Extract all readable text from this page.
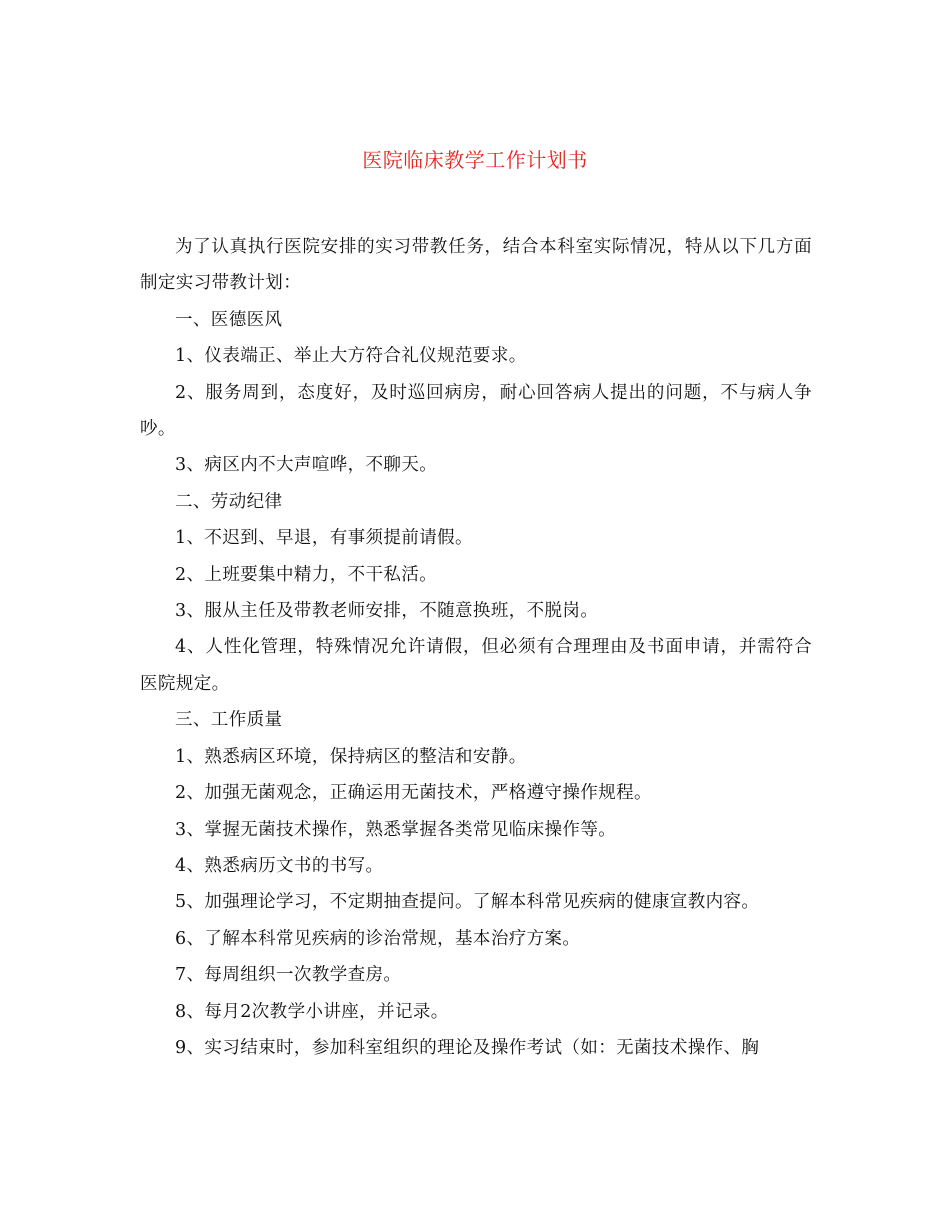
医院临床教学工作计划书

为了认真执行医院安排的实习带教任务，结合本科室实际情况，特从以下几方面制定实习带教计划：

一、医德医风

1、仪表端正、举止大方符合礼仪规范要求。

2、服务周到，态度好，及时巡回病房，耐心回答病人提出的问题，不与病人争吵。

3、病区内不大声喧哗，不聊天。

二、劳动纪律

1、不迟到、早退，有事须提前请假。

2、上班要集中精力，不干私活。

3、服从主任及带教老师安排，不随意换班，不脱岗。

4、人性化管理，特殊情况允许请假，但必须有合理理由及书面申请，并需符合医院规定。

三、工作质量

1、熟悉病区环境，保持病区的整洁和安静。

2、加强无菌观念，正确运用无菌技术，严格遵守操作规程。

3、掌握无菌技术操作，熟悉掌握各类常见临床操作等。

4、熟悉病历文书的书写。

5、加强理论学习，不定期抽查提问。了解本科常见疾病的健康宣教内容。

6、了解本科常见疾病的诊治常规，基本治疗方案。

7、每周组织一次教学查房。

8、每月2次教学小讲座，并记录。

9、实习结束时，参加科室组织的理论及操作考试（如：无菌技术操作、胸
